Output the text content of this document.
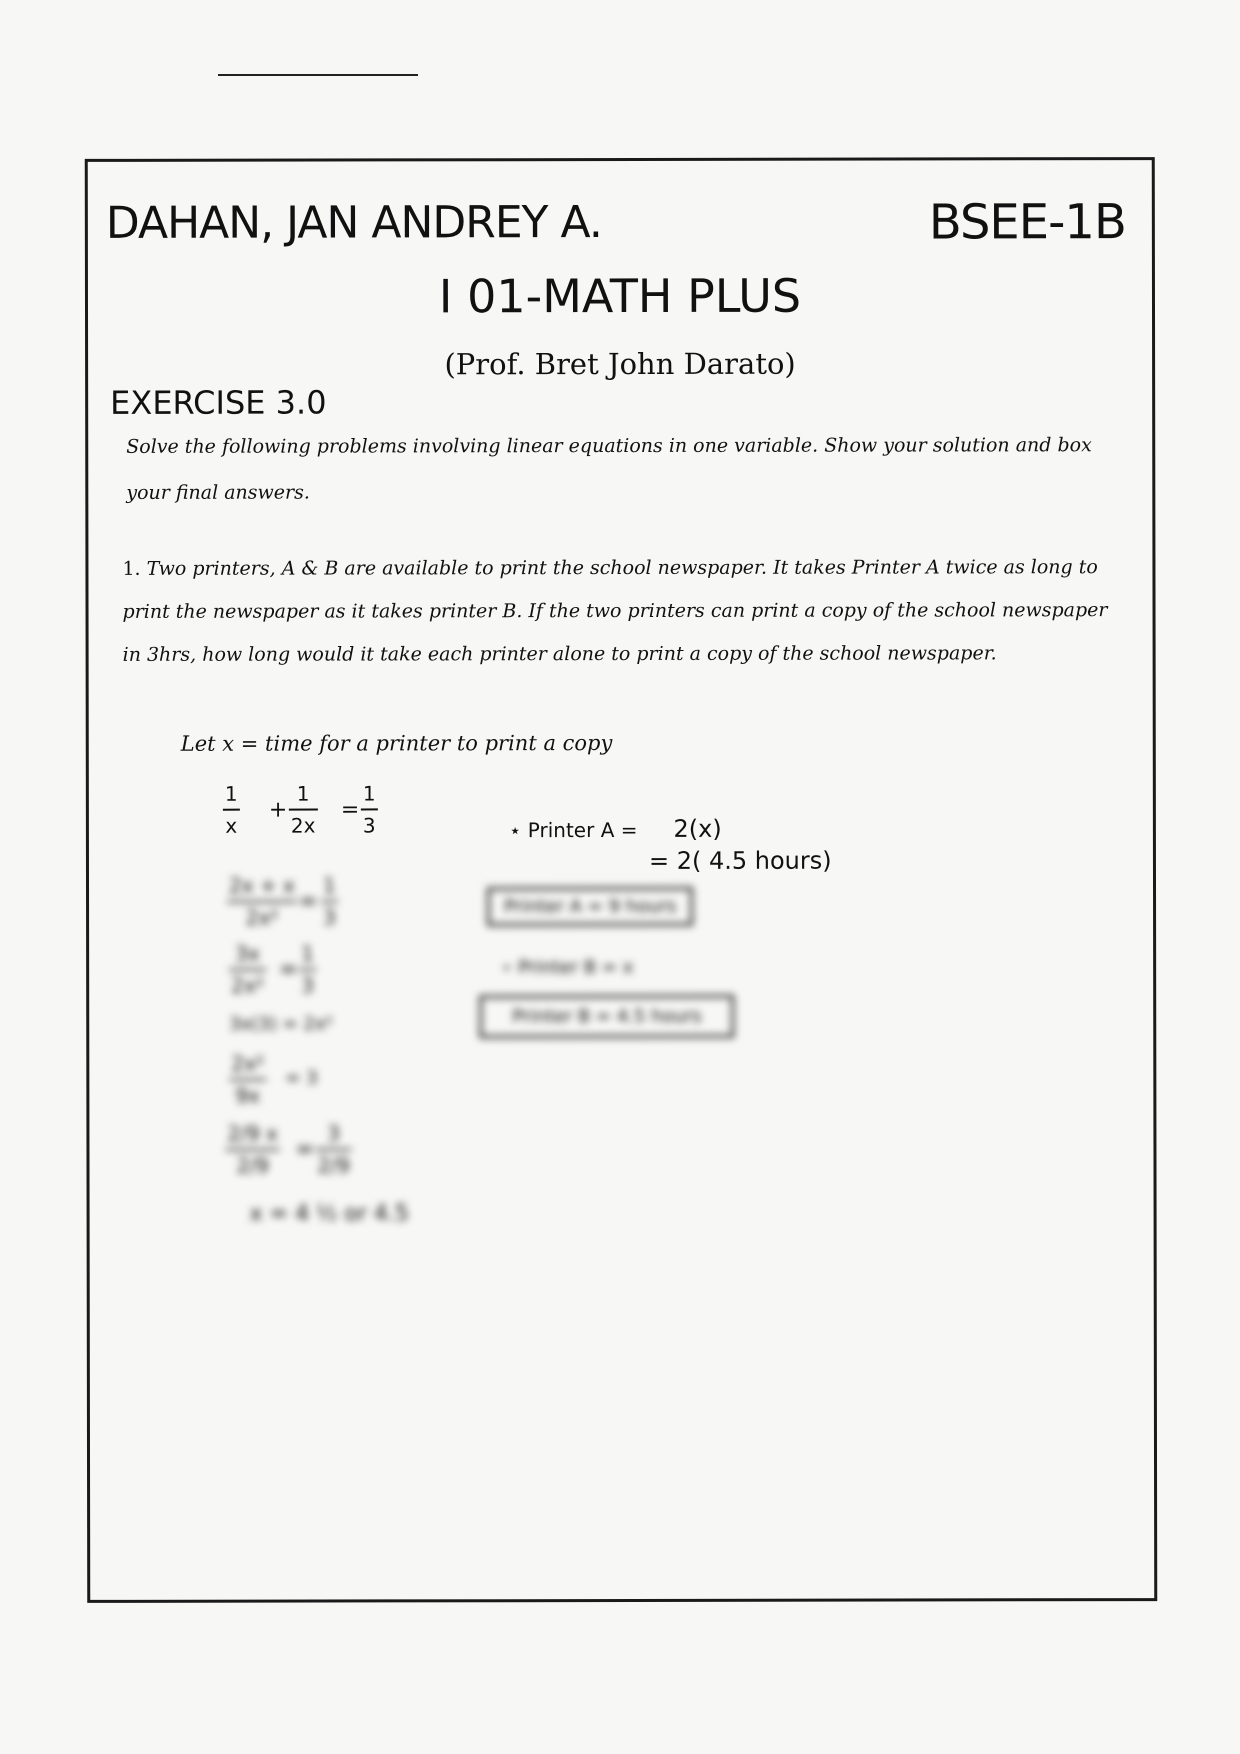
DAHAN, JAN ANDREY A.	BSEE-1B
I 01-MATH PLUS
(Prof. Bret John Darato)
EXERCISE 3.0
Solve the following problems involving linear equations in one variable. Show your solution and box your final answers.
1. Two printers, A & B are available to print the school newspaper. It takes Printer A twice as long to print the newspaper as it takes printer B. If the two printers can print a copy of the school newspaper in 3hrs, how long would it take each printer alone to print a copy of the school newspaper.
Let x = time for a printer to print a copy
1
x
+
1
2x
=
1
3	⋆ Printer A = 2(x)
= 2( 4.5 hours)
2x + x
2x²
=
1
3
3x
2x²
=
1
3
3x(3) = 2x²
2x²
9x
= 3
2/9 x
2/9
=
3
2/9
x = 4 ½ or 4.5
Printer A = 9 hours
⋆ Printer B = x
Printer B = 4.5 hours
